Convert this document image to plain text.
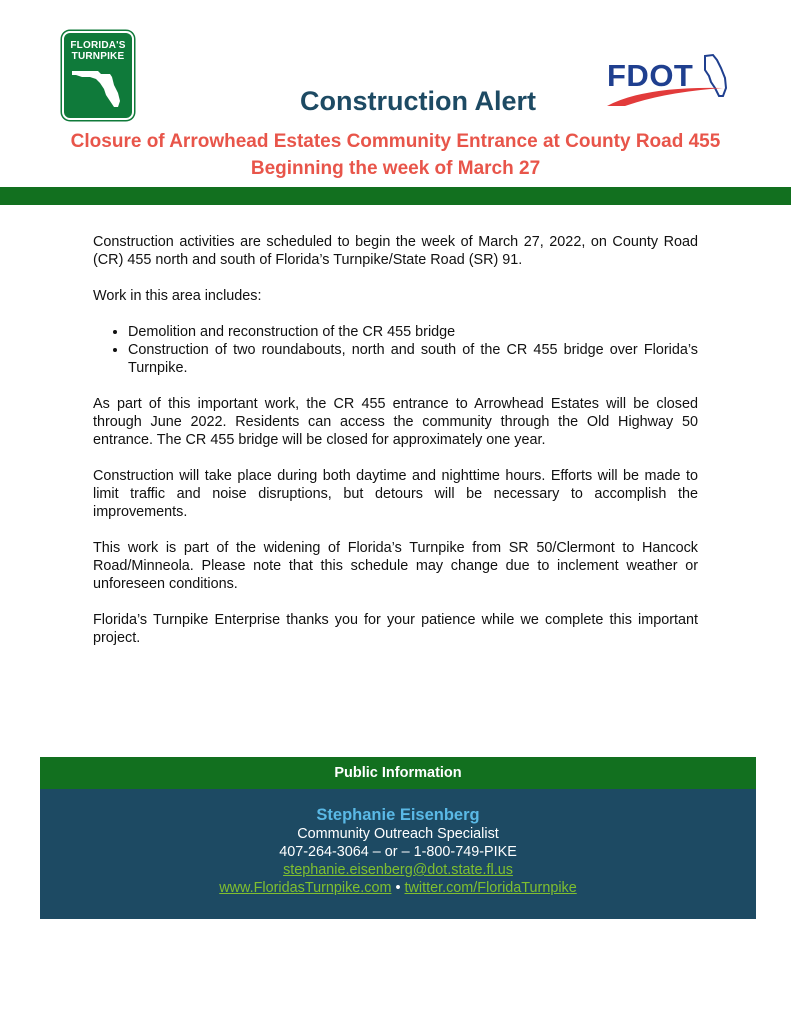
FLORIDA'S
TURNPIKE
FDOT
Construction Alert
Closure of Arrowhead Estates Community Entrance at County Road 455
Beginning the week of March 27

Construction activities are scheduled to begin the week of March 27, 2022, on County Road (CR) 455 north and south of Florida’s Turnpike/State Road (SR) 91.

Work in this area includes:

• Demolition and reconstruction of the CR 455 bridge
• Construction of two roundabouts, north and south of the CR 455 bridge over Florida’s Turnpike.

As part of this important work, the CR 455 entrance to Arrowhead Estates will be closed through June 2022. Residents can access the community through the Old Highway 50 entrance. The CR 455 bridge will be closed for approximately one year.

Construction will take place during both daytime and nighttime hours. Efforts will be made to limit traffic and noise disruptions, but detours will be necessary to accomplish the improvements.

This work is part of the widening of Florida’s Turnpike from SR 50/Clermont to Hancock Road/Minneola. Please note that this schedule may change due to inclement weather or unforeseen conditions.

Florida’s Turnpike Enterprise thanks you for your patience while we complete this important project.

Public Information
Stephanie Eisenberg
Community Outreach Specialist
407-264-3064 – or – 1-800-749-PIKE
stephanie.eisenberg@dot.state.fl.us
www.FloridasTurnpike.com • twitter.com/FloridaTurnpike
